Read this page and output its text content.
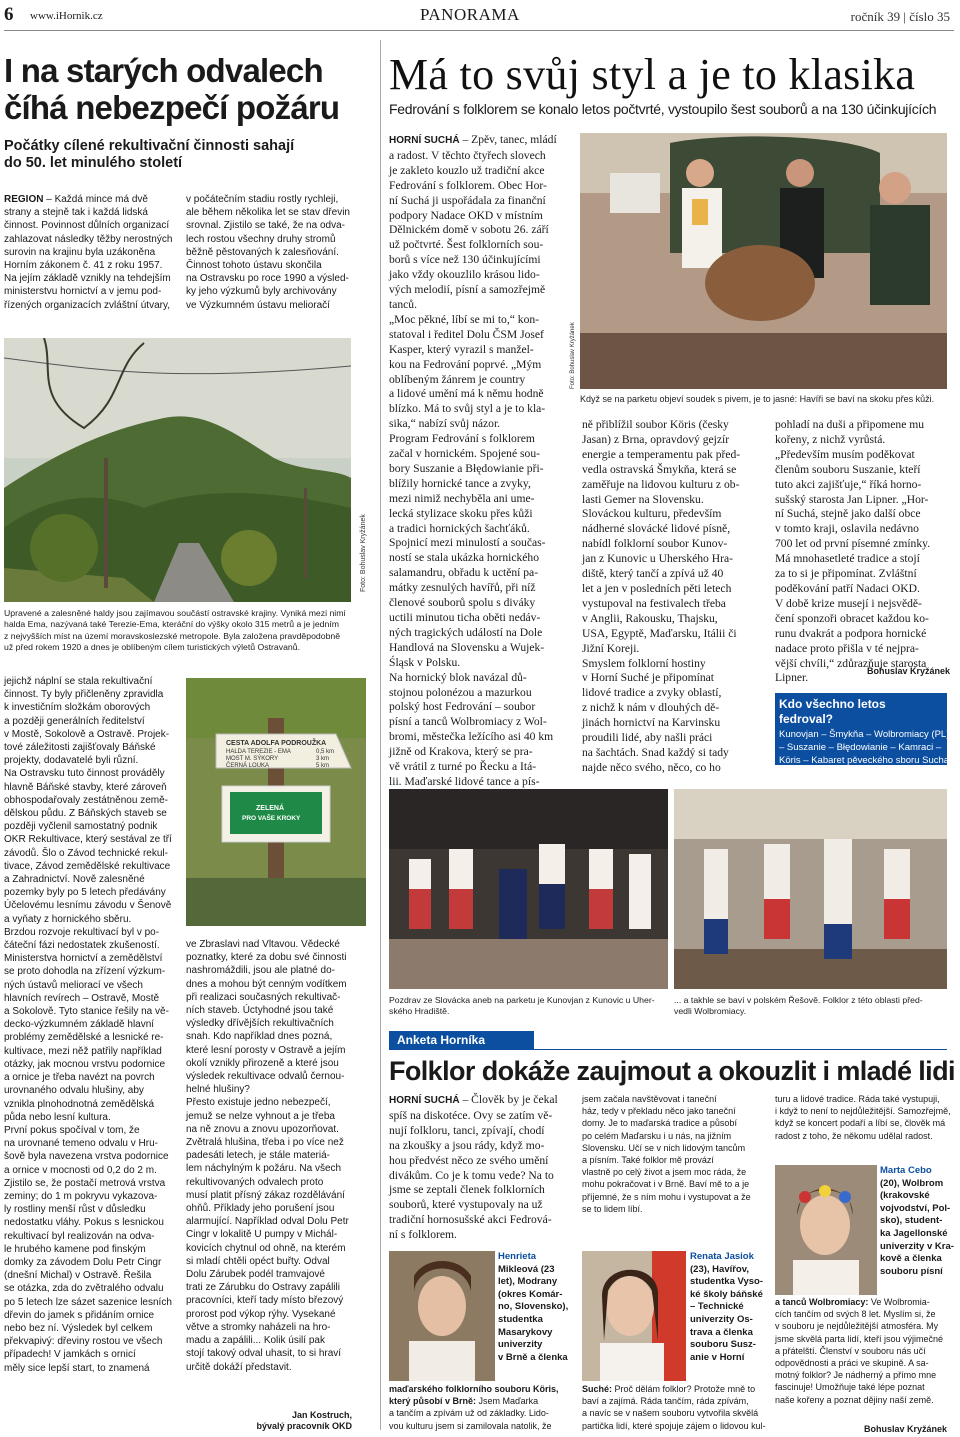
6 www.iHornik.cz	PANORAMA	ročník 39 | číslo 35
I na starých odvalech
číhá nebezpečí požáru
Počátky cílené rekultivační činnosti sahají
do 50. let minulého století
REGION – Každá mince má dvě
strany a stejně tak i každá lidská
činnost. Povinnost důlních organizací
zahlazovat následky těžby nerostných
surovin na krajinu byla uzákoněna
Horním zákonem č. 41 z roku 1957.
Na jejím základě vznikly na tehdejším
ministerstvu hornictví a v jemu pod-
řízených organizacích zvláštní útvary,
v počátečním stadiu rostly rychleji,
ale během několika let se stav dřevin
srovnal. Zjistilo se také, že na odva-
lech rostou všechny druhy stromů
běžně pěstovaných k zalesňování.
Činnost tohoto ústavu skončila
na Ostravsku po roce 1990 a výsled-
ky jeho výzkumů byly archivovány
ve Výzkumném ústavu melioračí
Foto: Bohuslav Kryžánek
Upravené a zalesněné haldy jsou zajímavou součástí ostravské krajiny. Vyniká mezi nimi
halda Ema, nazývaná také Terezie-Ema, kteráční do výšky okolo 315 metrů a je jedním
z nejvyšších míst na území moravskoslezské metropole. Byla založena pravděpodobně
už před rokem 1920 a dnes je oblíbeným cílem turistických výletů Ostravanů.
jejichž náplní se stala rekultivační
činnost. Ty byly přičleněny zpravidla
k investičním složkám oborových
a později generálních ředitelství
v Mostě, Sokolově a Ostravě. Projek-
tové záležitosti zajišťovaly Báňské
projekty, dodavatelé byli různí.
Na Ostravsku tuto činnost prováděly
hlavně Báňské stavby, které zároveň
obhospodařovaly zestátněnou země-
dělskou půdu. Z Báňských staveb se
později vyčlenil samostatný podnik
OKR Rekultivace, který sestával ze tří
závodů. Šlo o Závod technické rekul-
tivace, Závod zemědělské rekultivace
a Zahradnictví. Nově zalesněné
pozemky byly po 5 letech předávány
Účelovému lesnímu závodu v Šenově
a vyňaty z hornického sběru.
Brzdou rozvoje rekultivací byl v po-
čáteční fázi nedostatek zkušeností.
Ministerstva hornictví a zemědělství
se proto dohodla na zřízení výzkum-
ných ústavů meliorací ve všech
hlavních revírech – Ostravě, Mostě
a Sokolově. Tyto stanice řešily na vě-
decko-výzkumném základě hlavní
problémy zemědělské a lesnické re-
kultivace, mezi něž patřily například
otázky, jak mocnou vrstvu podornice
a ornice je třeba navézt na povrch
urovnaného odvalu hlušiny, aby
vznikla plnohodnotná zemědělská
půda nebo lesní kultura.
První pokus spočíval v tom, že
na urovnané temeno odvalu v Hru-
šově byla navezena vrstva podornice
a ornice v mocnosti od 0,2 do 2 m.
Zjistilo se, že postačí metrová vrstva
zeminy; do 1 m pokryvu vykazova-
ly rostliny menší růst v důsledku
nedostatku vláhy. Pokus s lesnickou
rekultivací byl realizován na odva-
le hrubého kamene pod finským
domky za závodem Dolu Petr Cingr
(dnešní Michal) v Ostravě. Řešila
se otázka, zda do zvětralého odvalu
po 5 letech lze sázet sazenice lesních
dřevin do jamek s přidáním ornice
nebo bez ní. Výsledek byl celkem
překvapivý: dřeviny rostou ve všech
případech! V jamkách s ornicí
měly sice lepší start, to znamená
CESTA ADOLFA PODROUŽKA
HALDA TEREZIE - EMA
MOST M. SÝKORY
ČERNÁ LOUKA
0,5 km
3 km
5 km
ZELENÁ
PRO VAŠE KROKY
ve Zbraslavi nad Vltavou. Vědecké
poznatky, které za dobu své činnosti
nashromáždili, jsou ale platné do-
dnes a mohou být cenným vodítkem
při realizaci současných rekultivač-
ních staveb. Úctyhodné jsou také
výsledky dřívějších rekultivačních
snah. Kdo například dnes pozná,
které lesní porosty v Ostravě a jejím
okolí vznikly přirozeně a které jsou
výsledek rekultivace odvalů černou-
helné hlušiny?
Přesto existuje jedno nebezpečí,
jemuž se nelze vyhnout a je třeba
na ně znovu a znovu upozorňovat.
Zvětralá hlušina, třeba i po více než
padesáti letech, je stále materiá-
lem náchylným k požáru. Na všech
rekultivovaných odvalech proto
musí platit přísný zákaz rozdělávání
ohňů. Příklady jeho porušení jsou
alarmující. Například odval Dolu Petr
Cingr v lokalitě U pumpy v Michál-
kovicích chytnul od ohně, na kterém
si mladí chtěli opéct buřty. Odval
Dolu Zárubek podél tramvajové
trati ze Zárubku do Ostravy zapálili
pracovníci, kteří tady místo březový
prorost pod výkop rýhy. Vysekané
větve a stromky naházeli na hro-
madu a zapálili... Kolik úsilí pak
stojí takový odval uhasit, to si hraví
určitě dokáží představit.
Jan Kostruch,
bývalý pracovník OKD
Má to svůj styl a je to klasika
Fedrování s folklorem se konalo letos počtvrté, vystoupilo šest souborů a na 130 účinkujících
HORNÍ SUCHÁ – Zpěv, tanec, mládí
a radost. V těchto čtyřech slovech
je zakleto kouzlo už tradiční akce
Fedrování s folklorem. Obec Hor-
ní Suchá ji uspořádala za finanční
podpory Nadace OKD v místním
Dělnickém domě v sobotu 26. září
už počtvrté. Šest folklorních sou-
borů s více než 130 účinkujícími
jako vždy okouzlilo krásou lido-
vých melodií, písní a samozřejmě
tanců.
„Moc pěkné, líbí se mi to,“ kon-
statoval i ředitel Dolu ČSM Josef
Kasper, který vyrazil s manžel-
kou na Fedrování poprvé. „Mým
oblíbeným žánrem je country
a lidové umění má k němu hodně
blízko. Má to svůj styl a je to kla-
sika,“ nabízí svůj názor.
Program Fedrování s folklorem
začal v hornickém. Spojené sou-
bory Suszanie a Błędowianie při-
blížily hornické tance a zvyky,
mezi nimiž nechyběla ani ume-
lecká stylizace skoku přes kůži
a tradici hornických šachťáků.
Spojnicí mezi minulostí a součas-
ností se stala ukázka hornického
salamandru, obřadu k uctění pa-
mátky zesnulých havířů, při níž
členové souborů spolu s diváky
uctili minutou ticha oběti nedáv-
ných tragických událostí na Dole
Handlová na Slovensku a Wujek-
Śląsk v Polsku.
Na hornický blok navázal dů-
stojnou polonézou a mazurkou
polský host Fedrování – soubor
písní a tanců Wolbromiacy z Wol-
bromi, městečka ležícího asi 40 km
jižně od Krakova, který se pra-
vě vrátil z turné po Řecku a Itá-
lii. Maďarské lidové tance a pís-
Foto: Bohuslav Kryžánek
Když se na parketu objeví soudek s pivem, je to jasné: Havíři se baví na skoku přes kůži.
ně přiblížil soubor Köris (česky
Jasan) z Brna, opravdový gejzír
energie a temperamentu pak před-
vedla ostravská Šmykňa, která se
zaměřuje na lidovou kulturu z ob-
lasti Gemer na Slovensku.
Slováckou kulturu, především
nádherné slovácké lidové písně,
nabídl folklorní soubor Kunov-
jan z Kunovic u Uherského Hra-
diště, který tančí a zpívá už 40
let a jen v posledních pěti letech
vystupoval na festivalech třeba
v Anglii, Rakousku, Thajsku,
USA, Egyptě, Maďarsku, Itálii či
Jižní Koreji.
Smyslem folklorní hostiny
v Horní Suché je připomínat
lidové tradice a zvyky oblastí,
z nichž k nám v dlouhých dě-
jinách hornictví na Karvinsku
proudili lidé, aby našli práci
na šachtách. Snad každý si tady
najde něco svého, něco, co ho
pohladí na duši a připomene mu
kořeny, z nichž vyrůstá.
„Především musím poděkovat
členům souboru Suszanie, kteří
tuto akci zajišťuje,“ říká horno-
sušský starosta Jan Lipner. „Hor-
ní Suchá, stejně jako další obce
v tomto kraji, oslavila nedávno
700 let od první písemné zmínky.
Má mnohasetleté tradice a stojí
za to si je připomínat. Zvláštní
poděkování patří Nadaci OKD.
V době krize musejí i nejsvědě-
čení sponzoři obracet každou ko-
runu dvakrát a podpora hornické
nadace proto přišla v té nejpra-
vější chvíli,“ zdůrazňuje starosta
Lipner.
Bohuslav Kryžánek
Kdo všechno letos fedroval?
Kunovjan – Šmykňa – Wolbromiacy (PL)
– Suszanie – Błędowianie – Kamraci –
Köris – Kabaret pěveckého sboru Sucha
Pozdrav ze Slovácka aneb na parketu je Kunovjan z Kunovic u Uher-
ského Hradiště.
... a takhle se baví v polském Řešově. Folklor z této oblasti před-
vedli Wolbromiacy.
Anketa Horníka
Folklor dokáže zaujmout a okouzlit i mladé lidi
HORNÍ SUCHÁ – Člověk by je čekal
spíš na diskotéce. Ovy se zatím vě-
nují folkloru, tanci, zpívají, chodí
na zkoušky a jsou rády, když mo-
hou předvést něco ze svého umění
divákům. Co je k tomu vede? Na to
jsme se zeptali členek folklorních
souborů, které vystupovaly na už
tradiční hornosušské akci Fedrová-
ní s folklorem.
jsem začala navštěvovat i taneční
ház, tedy v překladu něco jako taneční
domy. Je to maďarská tradice a působí
po celém Maďarsku i u nás, na jižním
Slovensku. Učí se v nich lidovým tancům
a písním. Také folklor mě provází
vlastně po celý život a jsem moc ráda, že
mohu pokračovat i v Brně. Baví mě to a je
příjemné, že s ním mohu i vystupovat a že
se to lidem líbí.
turu a lidové tradice. Ráda také vystupuji,
i když to není to nejdůležitější. Samozřejmě,
když se koncert podaří a líbí se, člověk má
radost z toho, že někomu udělal radost.
Henrieta
Mikleová (23
let), Modrany
(okres Komár-
no, Slovensko),
studentka
Masarykovy
univerzity
v Brně a členka
maďarského folklorního souboru Köris,
který působí v Brně: Jsem Maďarka
a tančím a zpívám už od základky. Lido-
vou kulturu jsem si zamilovala natolik, že
Renata Jasiok
(23), Havířov,
studentka Vyso-
ké školy báňské
– Technické
univerzity Os-
trava a členka
souboru Susz-
anie v Horní
Suché: Proč dělám folklor? Protože mně to
baví a zajímá. Ráda tančím, ráda zpívám,
a navíc se v našem souboru vytvořila skvělá
partička lidí, které spojuje zájem o lidovou kul-
Marta Cebo
(20), Wolbrom
(krakovské
vojvodství, Pol-
sko), student-
ka Jagellonské
univerzity v Kra-
kově a členka
souboru písní
a tanců Wolbromiacy: Ve Wolbromia-
cích tančím od svých 8 let. Myslím si, že
v souboru je nejdůležitější atmosféra. My
jsme skvělá parta lidí, kteří jsou výjimečné
a přátelští. Členství v souboru nás učí
odpovědnosti a práci ve skupině. A sa-
motný folklor? Je nádherný a přímo mne
fascinuje! Umožňuje také lépe poznat
naše kořeny a poznat dějiny naší země.
Bohuslav Kryžánek
